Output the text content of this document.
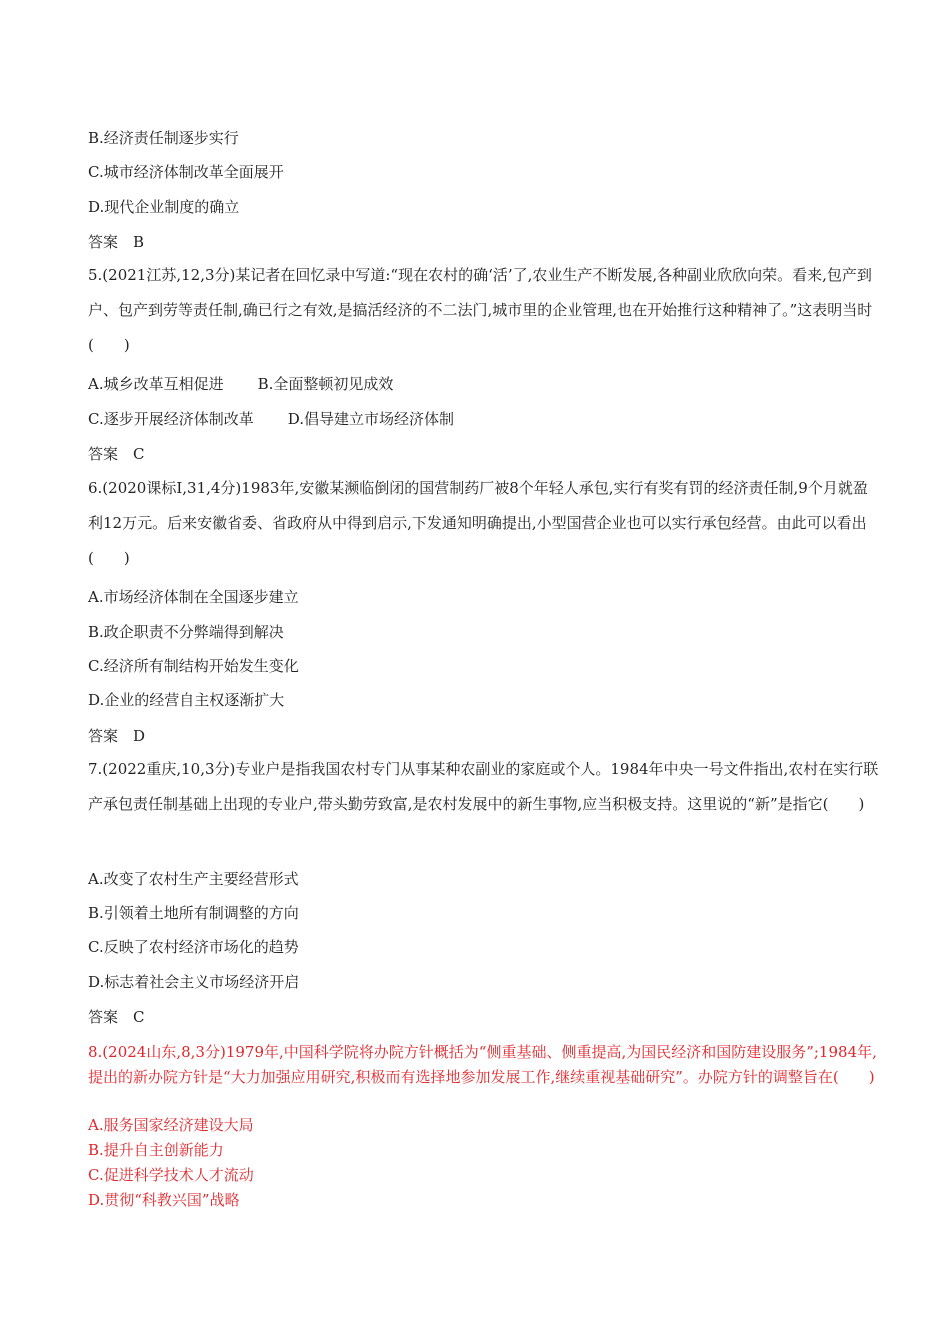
B.经济责任制逐步实行
C.城市经济体制改革全面展开
D.现代企业制度的确立
答案　B
5.(2021江苏,12,3分)某记者在回忆录中写道:“现在农村的确‘活’了,农业生产不断发展,各种副业欣欣向荣。看来,包产到户、包产到劳等责任制,确已行之有效,是搞活经济的不二法门,城市里的企业管理,也在开始推行这种精神了。”这表明当时(　　)
A.城乡改革互相促进 B.全面整顿初见成效
C.逐步开展经济体制改革 D.倡导建立市场经济体制
答案　C
6.(2020课标Ⅰ,31,4分)1983年,安徽某濒临倒闭的国营制药厂被8个年轻人承包,实行有奖有罚的经济责任制,9个月就盈利12万元。后来安徽省委、省政府从中得到启示,下发通知明确提出,小型国营企业也可以实行承包经营。由此可以看出(　　)
A.市场经济体制在全国逐步建立
B.政企职责不分弊端得到解决
C.经济所有制结构开始发生变化
D.企业的经营自主权逐渐扩大
答案　D
7.(2022重庆,10,3分)专业户是指我国农村专门从事某种农副业的家庭或个人。1984年中央一号文件指出,农村在实行联产承包责任制基础上出现的专业户,带头勤劳致富,是农村发展中的新生事物,应当积极支持。这里说的“新”是指它(　　)
A.改变了农村生产主要经营形式
B.引领着土地所有制调整的方向
C.反映了农村经济市场化的趋势
D.标志着社会主义市场经济开启
答案　C
8.(2024山东,8,3分)1979年,中国科学院将办院方针概括为“侧重基础、侧重提高,为国民经济和国防建设服务”;1984年,提出的新办院方针是“大力加强应用研究,积极而有选择地参加发展工作,继续重视基础研究”。办院方针的调整旨在(　　)
A.服务国家经济建设大局
B.提升自主创新能力
C.促进科学技术人才流动
D.贯彻“科教兴国”战略
